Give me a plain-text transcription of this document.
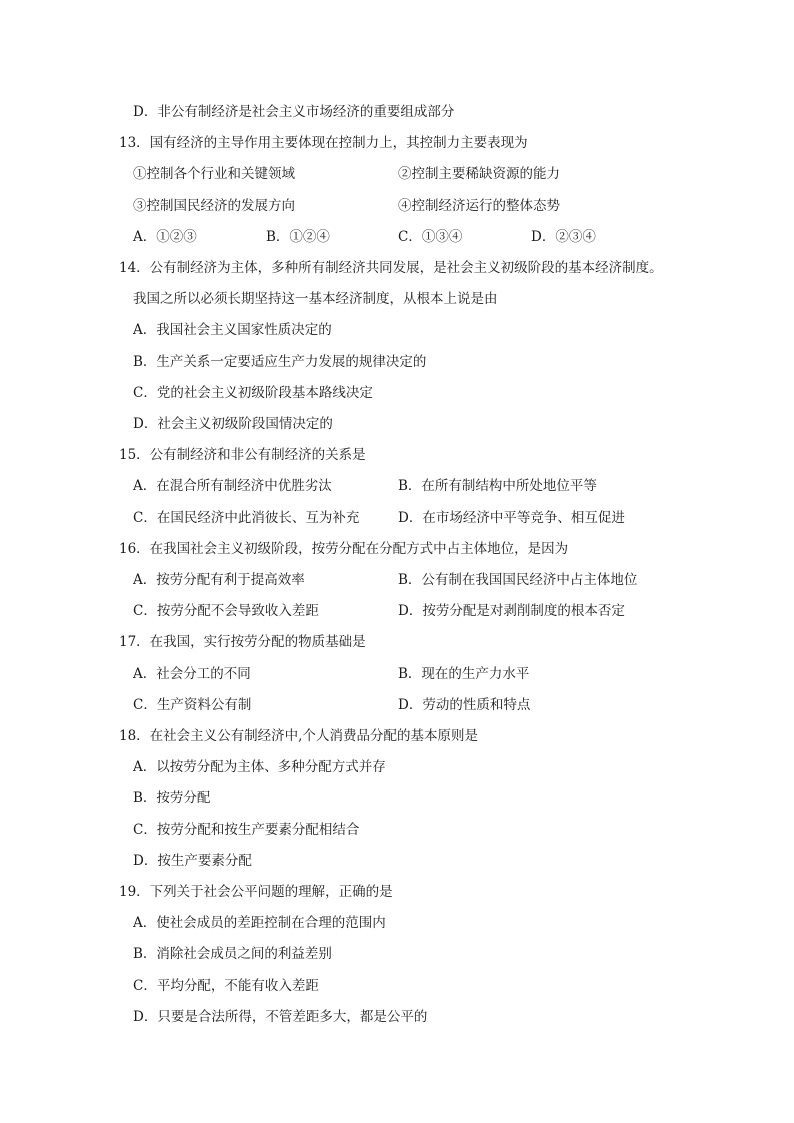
D．非公有制经济是社会主义市场经济的重要组成部分
13．国有经济的主导作用主要体现在控制力上，其控制力主要表现为
①控制各个行业和关键领域	②控制主要稀缺资源的能力
③控制国民经济的发展方向	④控制经济运行的整体态势
A．①②③	B．①②④	C．①③④	D．②③④
14．公有制经济为主体，多种所有制经济共同发展，是社会主义初级阶段的基本经济制度。
我国之所以必须长期坚持这一基本经济制度，从根本上说是由
A．我国社会主义国家性质决定的
B．生产关系一定要适应生产力发展的规律决定的
C．党的社会主义初级阶段基本路线决定
D．社会主义初级阶段国情决定的
15．公有制经济和非公有制经济的关系是
A．在混合所有制经济中优胜劣汰	B．在所有制结构中所处地位平等
C．在国民经济中此消彼长、互为补充	D．在市场经济中平等竞争、相互促进
16．在我国社会主义初级阶段，按劳分配在分配方式中占主体地位，是因为
A．按劳分配有利于提高效率	B．公有制在我国国民经济中占主体地位
C．按劳分配不会导致收入差距	D．按劳分配是对剥削制度的根本否定
17．在我国，实行按劳分配的物质基础是
A．社会分工的不同	B．现在的生产力水平
C．生产资料公有制	D．劳动的性质和特点
18．在社会主义公有制经济中,个人消费品分配的基本原则是
A．以按劳分配为主体、多种分配方式并存
B．按劳分配
C．按劳分配和按生产要素分配相结合
D．按生产要素分配
19．下列关于社会公平问题的理解，正确的是
A．使社会成员的差距控制在合理的范围内
B．消除社会成员之间的利益差别
C．平均分配，不能有收入差距
D．只要是合法所得，不管差距多大，都是公平的
